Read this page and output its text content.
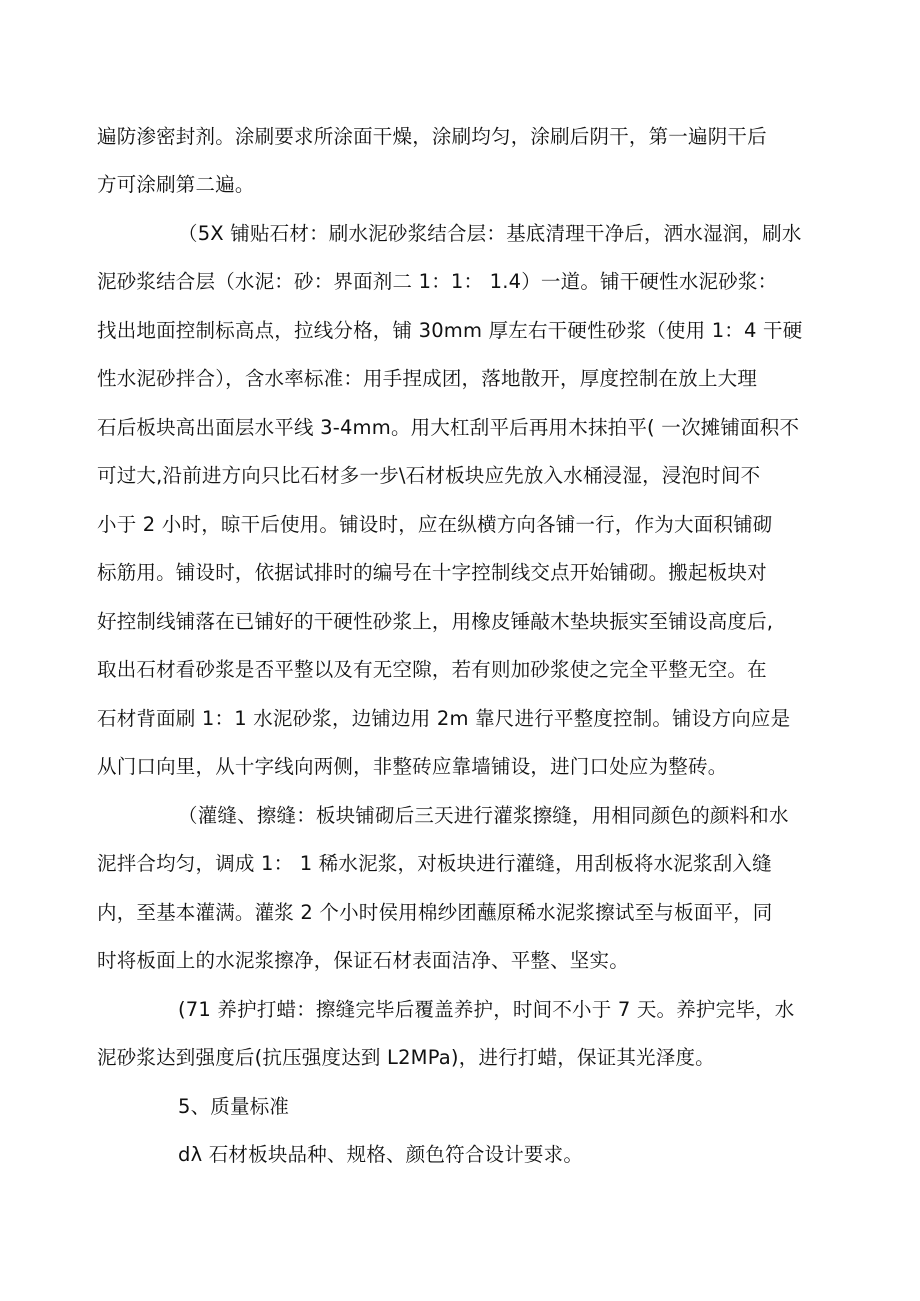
遍防渗密封剂。涂刷要求所涂面干燥，涂刷均匀，涂刷后阴干，第一遍阴干后
方可涂刷第二遍。
（5X 铺贴石材：刷水泥砂浆结合层：基底清理干净后，洒水湿润，刷水
泥砂浆结合层（水泥：砂：界面剂二 1：1： 1.4）一道。铺干硬性水泥砂浆：
找出地面控制标高点，拉线分格，铺 30mm 厚左右干硬性砂浆（使用 1：4 干硬
性水泥砂拌合），含水率标准：用手捏成团，落地散开，厚度控制在放上大理
石后板块高出面层水平线 3-4mm。用大杠刮平后再用木抹拍平( 一次摊铺面积不
可过大,沿前进方向只比石材多一步\石材板块应先放入水桶浸湿，浸泡时间不
小于 2 小时，晾干后使用。铺设时，应在纵横方向各铺一行，作为大面积铺砌
标筋用。铺设时，依据试排时的编号在十字控制线交点开始铺砌。搬起板块对
好控制线铺落在已铺好的干硬性砂浆上，用橡皮锤敲木垫块振实至铺设高度后,
取出石材看砂浆是否平整以及有无空隙，若有则加砂浆使之完全平整无空。在
石材背面刷 1：1 水泥砂浆，边铺边用 2m 靠尺进行平整度控制。铺设方向应是
从门口向里，从十字线向两侧，非整砖应靠墙铺设，进门口处应为整砖。
（灌缝、擦缝：板块铺砌后三天进行灌浆擦缝，用相同颜色的颜料和水
泥拌合均匀，调成 1： 1 稀水泥浆，对板块进行灌缝，用刮板将水泥浆刮入缝
内，至基本灌满。灌浆 2 个小时侯用棉纱团蘸原稀水泥浆擦试至与板面平，同
时将板面上的水泥浆擦净，保证石材表面洁净、平整、坚实。
(71 养护打蜡：擦缝完毕后覆盖养护，时间不小于 7 天。养护完毕，水
泥砂浆达到强度后(抗压强度达到 L2MPa)，进行打蜡，保证其光泽度。
5、质量标准
dλ 石材板块品种、规格、颜色符合设计要求。
